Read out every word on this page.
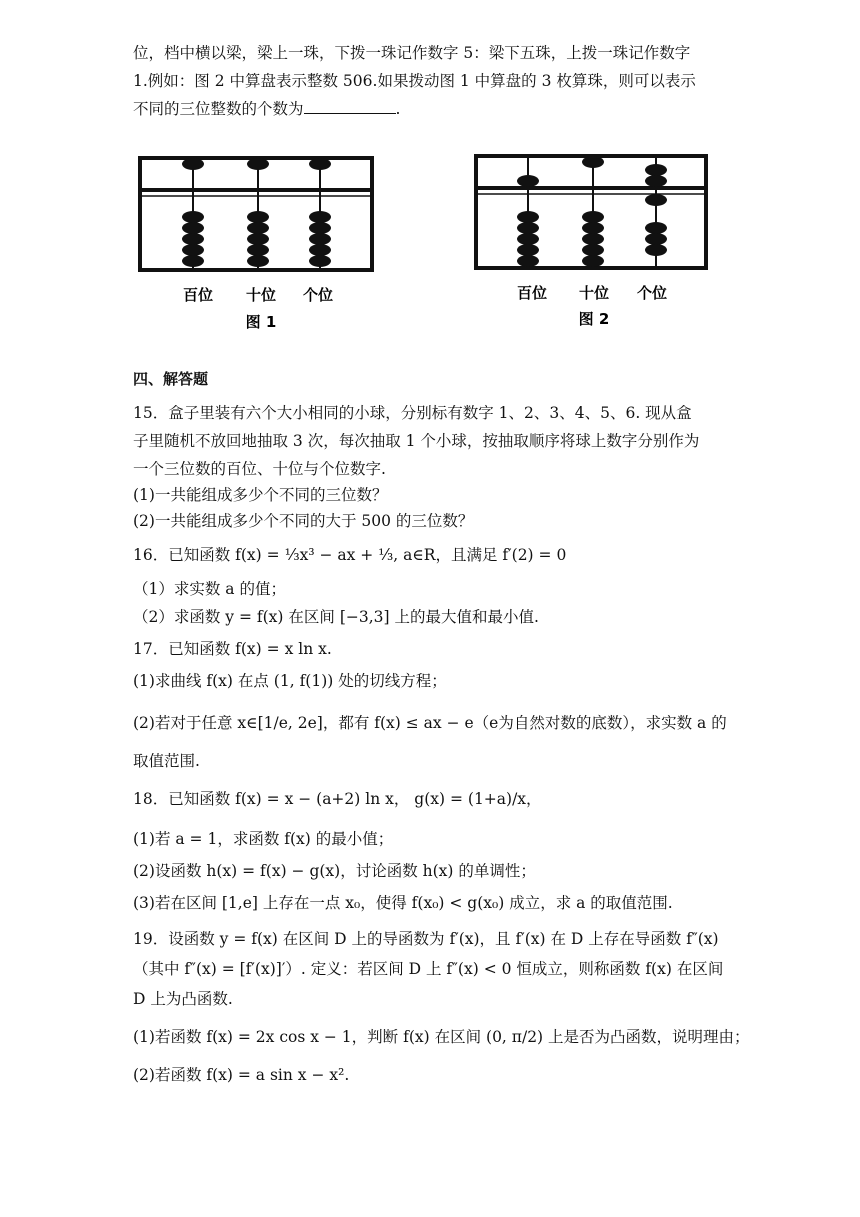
位，档中横以梁，梁上一珠，下拨一珠记作数字 5：梁下五珠，上拨一珠记作数字
1.例如：图 2 中算盘表示整数 506.如果拨动图 1 中算盘的 3 枚算珠，则可以表示
不同的三位整数的个数为	.
百位 十位 个位
图 1
百位 十位 个位
图 2
四、解答题
15．盒子里装有六个大小相同的小球，分别标有数字 1、2、3、4、5、6. 现从盒
子里随机不放回地抽取 3 次，每次抽取 1 个小球，按抽取顺序将球上数字分别作为
一个三位数的百位、十位与个位数字.
(1)一共能组成多少个不同的三位数？
(2)一共能组成多少个不同的大于 500 的三位数？
16．已知函数 f(x) = ⅓x³ − ax + ⅓, a∈R，且满足 f′(2) = 0
（1）求实数 a 的值；
（2）求函数 y = f(x) 在区间 [−3,3] 上的最大值和最小值.
17．已知函数 f(x) = x ln x.
(1)求曲线 f(x) 在点 (1, f(1)) 处的切线方程；
(2)若对于任意 x∈[1/e, 2e]，都有 f(x) ≤ ax − e（e为自然对数的底数），求实数 a 的
取值范围.
18．已知函数 f(x) = x − (a+2) ln x， g(x) = (1+a)/x，
(1)若 a = 1，求函数 f(x) 的最小值；
(2)设函数 h(x) = f(x) − g(x)，讨论函数 h(x) 的单调性；
(3)若在区间 [1,e] 上存在一点 x₀，使得 f(x₀) < g(x₀) 成立，求 a 的取值范围.
19．设函数 y = f(x) 在区间 D 上的导函数为 f′(x)，且 f′(x) 在 D 上存在导函数 f″(x)
（其中 f″(x) = [f′(x)]′）. 定义：若区间 D 上 f″(x) < 0 恒成立，则称函数 f(x) 在区间
D 上为凸函数.
(1)若函数 f(x) = 2x cos x − 1，判断 f(x) 在区间 (0, π/2) 上是否为凸函数，说明理由；
(2)若函数 f(x) = a sin x − x².
